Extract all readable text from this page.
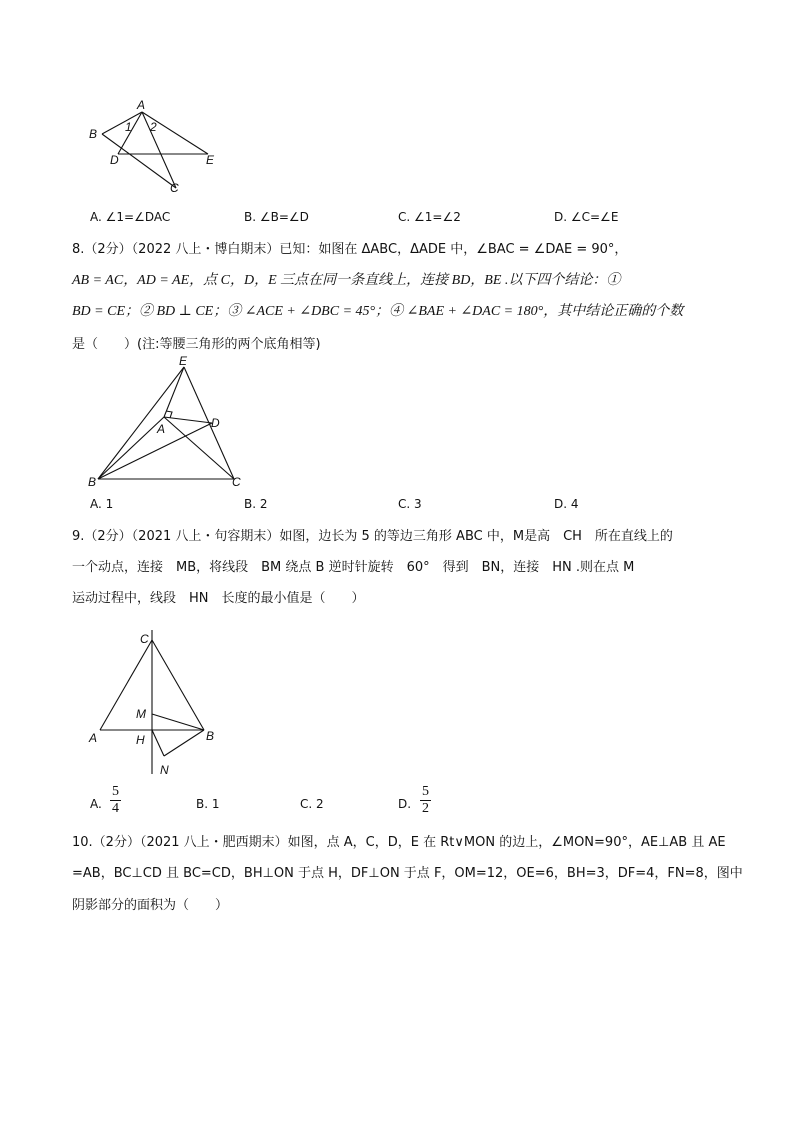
A
B 1 2
D	E
C
A. ∠1=∠DAC	B. ∠B=∠D	C. ∠1=∠2	D. ∠C=∠E
8.（2分）（2022 八上・博白期末）已知：如图在 ΔABC，ΔADE 中，∠BAC = ∠DAE = 90°，
AB = AC，AD = AE，点 C，D，E 三点在同一条直线上，连接 BD，BE .以下四个结论：①
BD = CE；② BD ⊥ CE；③ ∠ACE + ∠DBC = 45°；④ ∠BAE + ∠DAC = 180°，其中结论正确的个数
是（　　）(注:等腰三角形的两个底角相等)
E
A	D
B	C
A. 1	B. 2	C. 3	D. 4
9.（2分）（2021 八上・句容期末）如图，边长为 5 的等边三角形 ABC 中，M是高　CH　所在直线上的
一个动点，连接　MB，将线段　BM 绕点 B 逆时针旋转　60°　得到　BN，连接　HN .则在点 M
运动过程中，线段　HN　长度的最小值是（　　）
C
M
A	H	B
N
A. $\frac{5}{4}$	B. 1	C. 2	D. $\frac{5}{2}$
10.（2分）（2021 八上・肥西期末）如图，点 A，C，D，E 在 Rt∨MON 的边上，∠MON=90°，AE⊥AB 且 AE
=AB，BC⊥CD 且 BC=CD，BH⊥ON 于点 H，DF⊥ON 于点 F，OM=12，OE=6，BH=3，DF=4，FN=8，图中
阴影部分的面积为（　　）
